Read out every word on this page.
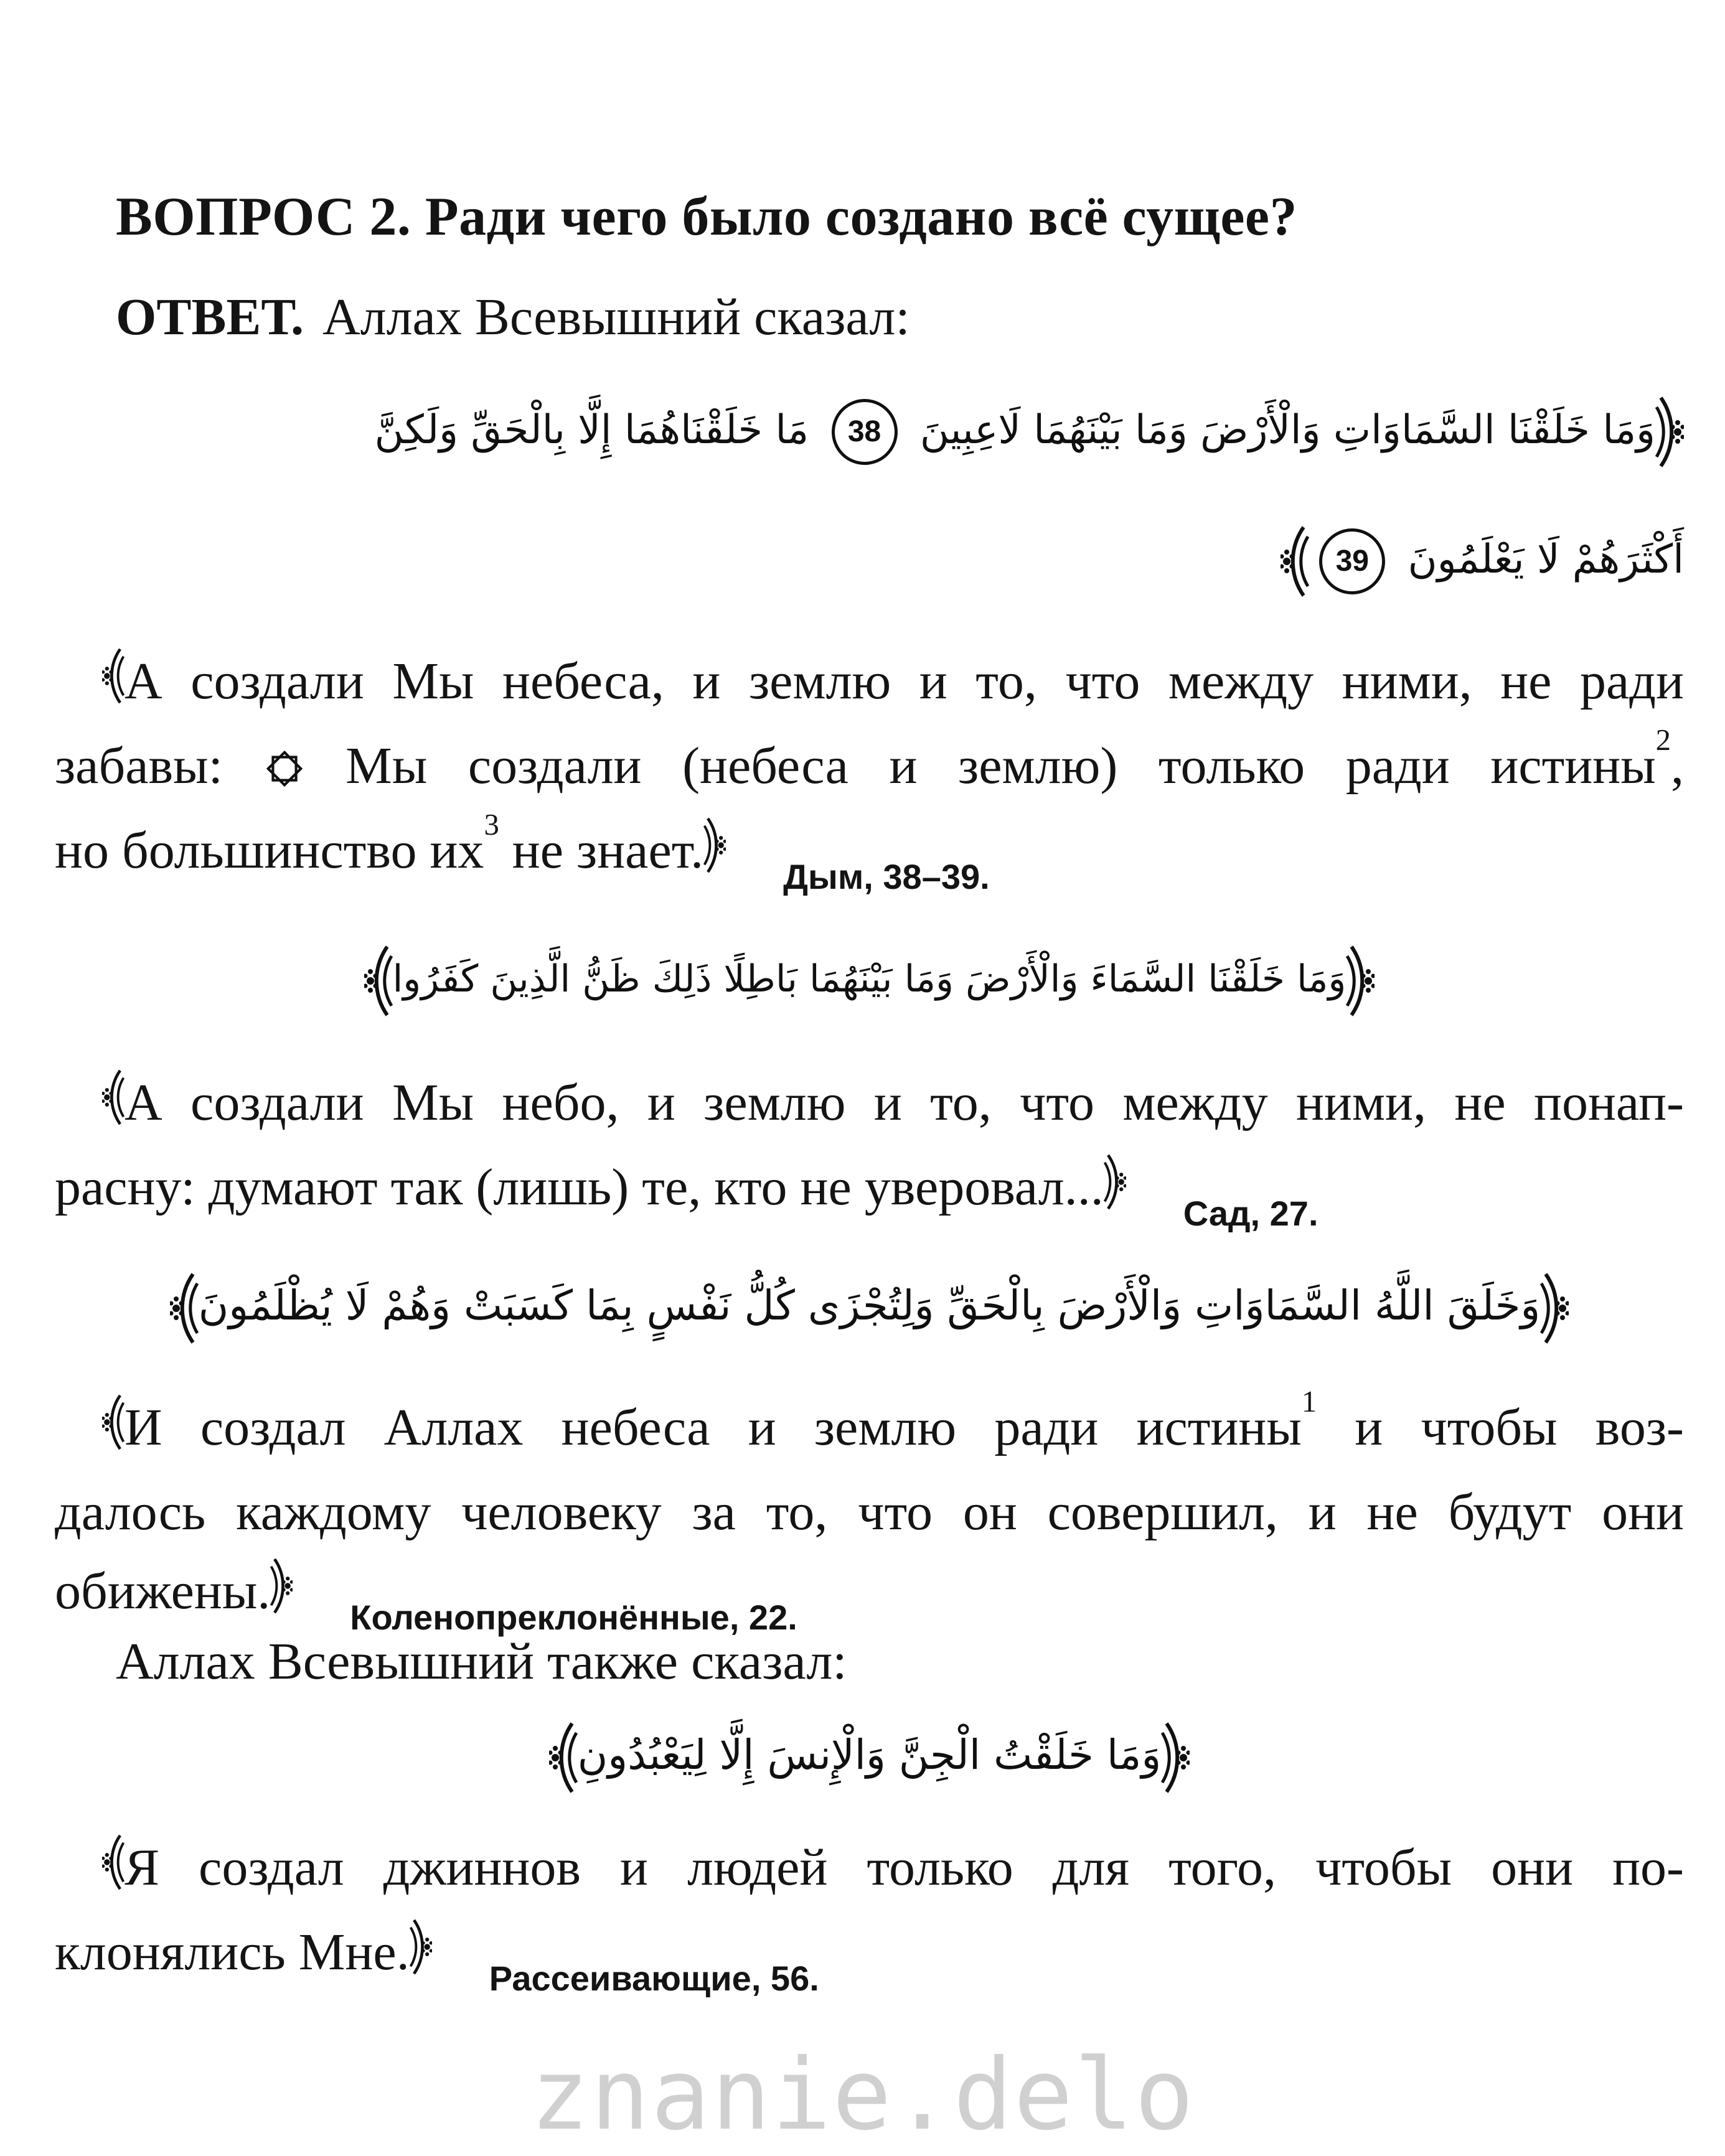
ВОПРОС 2. Ради чего было создано всё сущее?

ОТВЕТ. Аллах Всевышний сказал:

وَمَا خَلَقْنَا السَّمَاوَاتِ وَالْأَرْضَ وَمَا بَيْنَهُمَا لَاعِبِينَ 38 مَا خَلَقْنَاهُمَا إِلَّا بِالْحَقِّ وَلَكِنَّ
أَكْثَرَهُمْ لَا يَعْلَمُونَ 39
А создали Мы небеса, и землю и то, что между ними, не ради
забавы: Мы создали (небеса и землю) только ради истины$^2$,
но большинство их$^3$ не знает. $_{Дым, 38-39.}$
وَمَا خَلَقْنَا السَّمَاءَ وَالْأَرْضَ وَمَا بَيْنَهُمَا بَاطِلًا ذَلِكَ ظَنُّ الَّذِينَ كَفَرُوا
А создали Мы небо, и землю и то, что между ними, не понап-
расну: думают так (лишь) те, кто не уверовал... $_{Сад, 27.}$
وَخَلَقَ اللَّهُ السَّمَاوَاتِ وَالْأَرْضَ بِالْحَقِّ وَلِتُجْزَى كُلُّ نَفْسٍ بِمَا كَسَبَتْ وَهُمْ لَا يُظْلَمُونَ
И создал Аллах небеса и землю ради истины$^1$ и чтобы воз-
далось каждому человеку за то, что он совершил, и не будут они
обижены. $_{Коленопреклонённые, 22.}$

Аллах Всевышний также сказал:

وَمَا خَلَقْتُ الْجِنَّ وَالْإِنسَ إِلَّا لِيَعْبُدُونِ
Я создал джиннов и людей только для того, чтобы они по-
клонялись Мне. $_{Рассеивающие, 56.}$
znanie.delo
